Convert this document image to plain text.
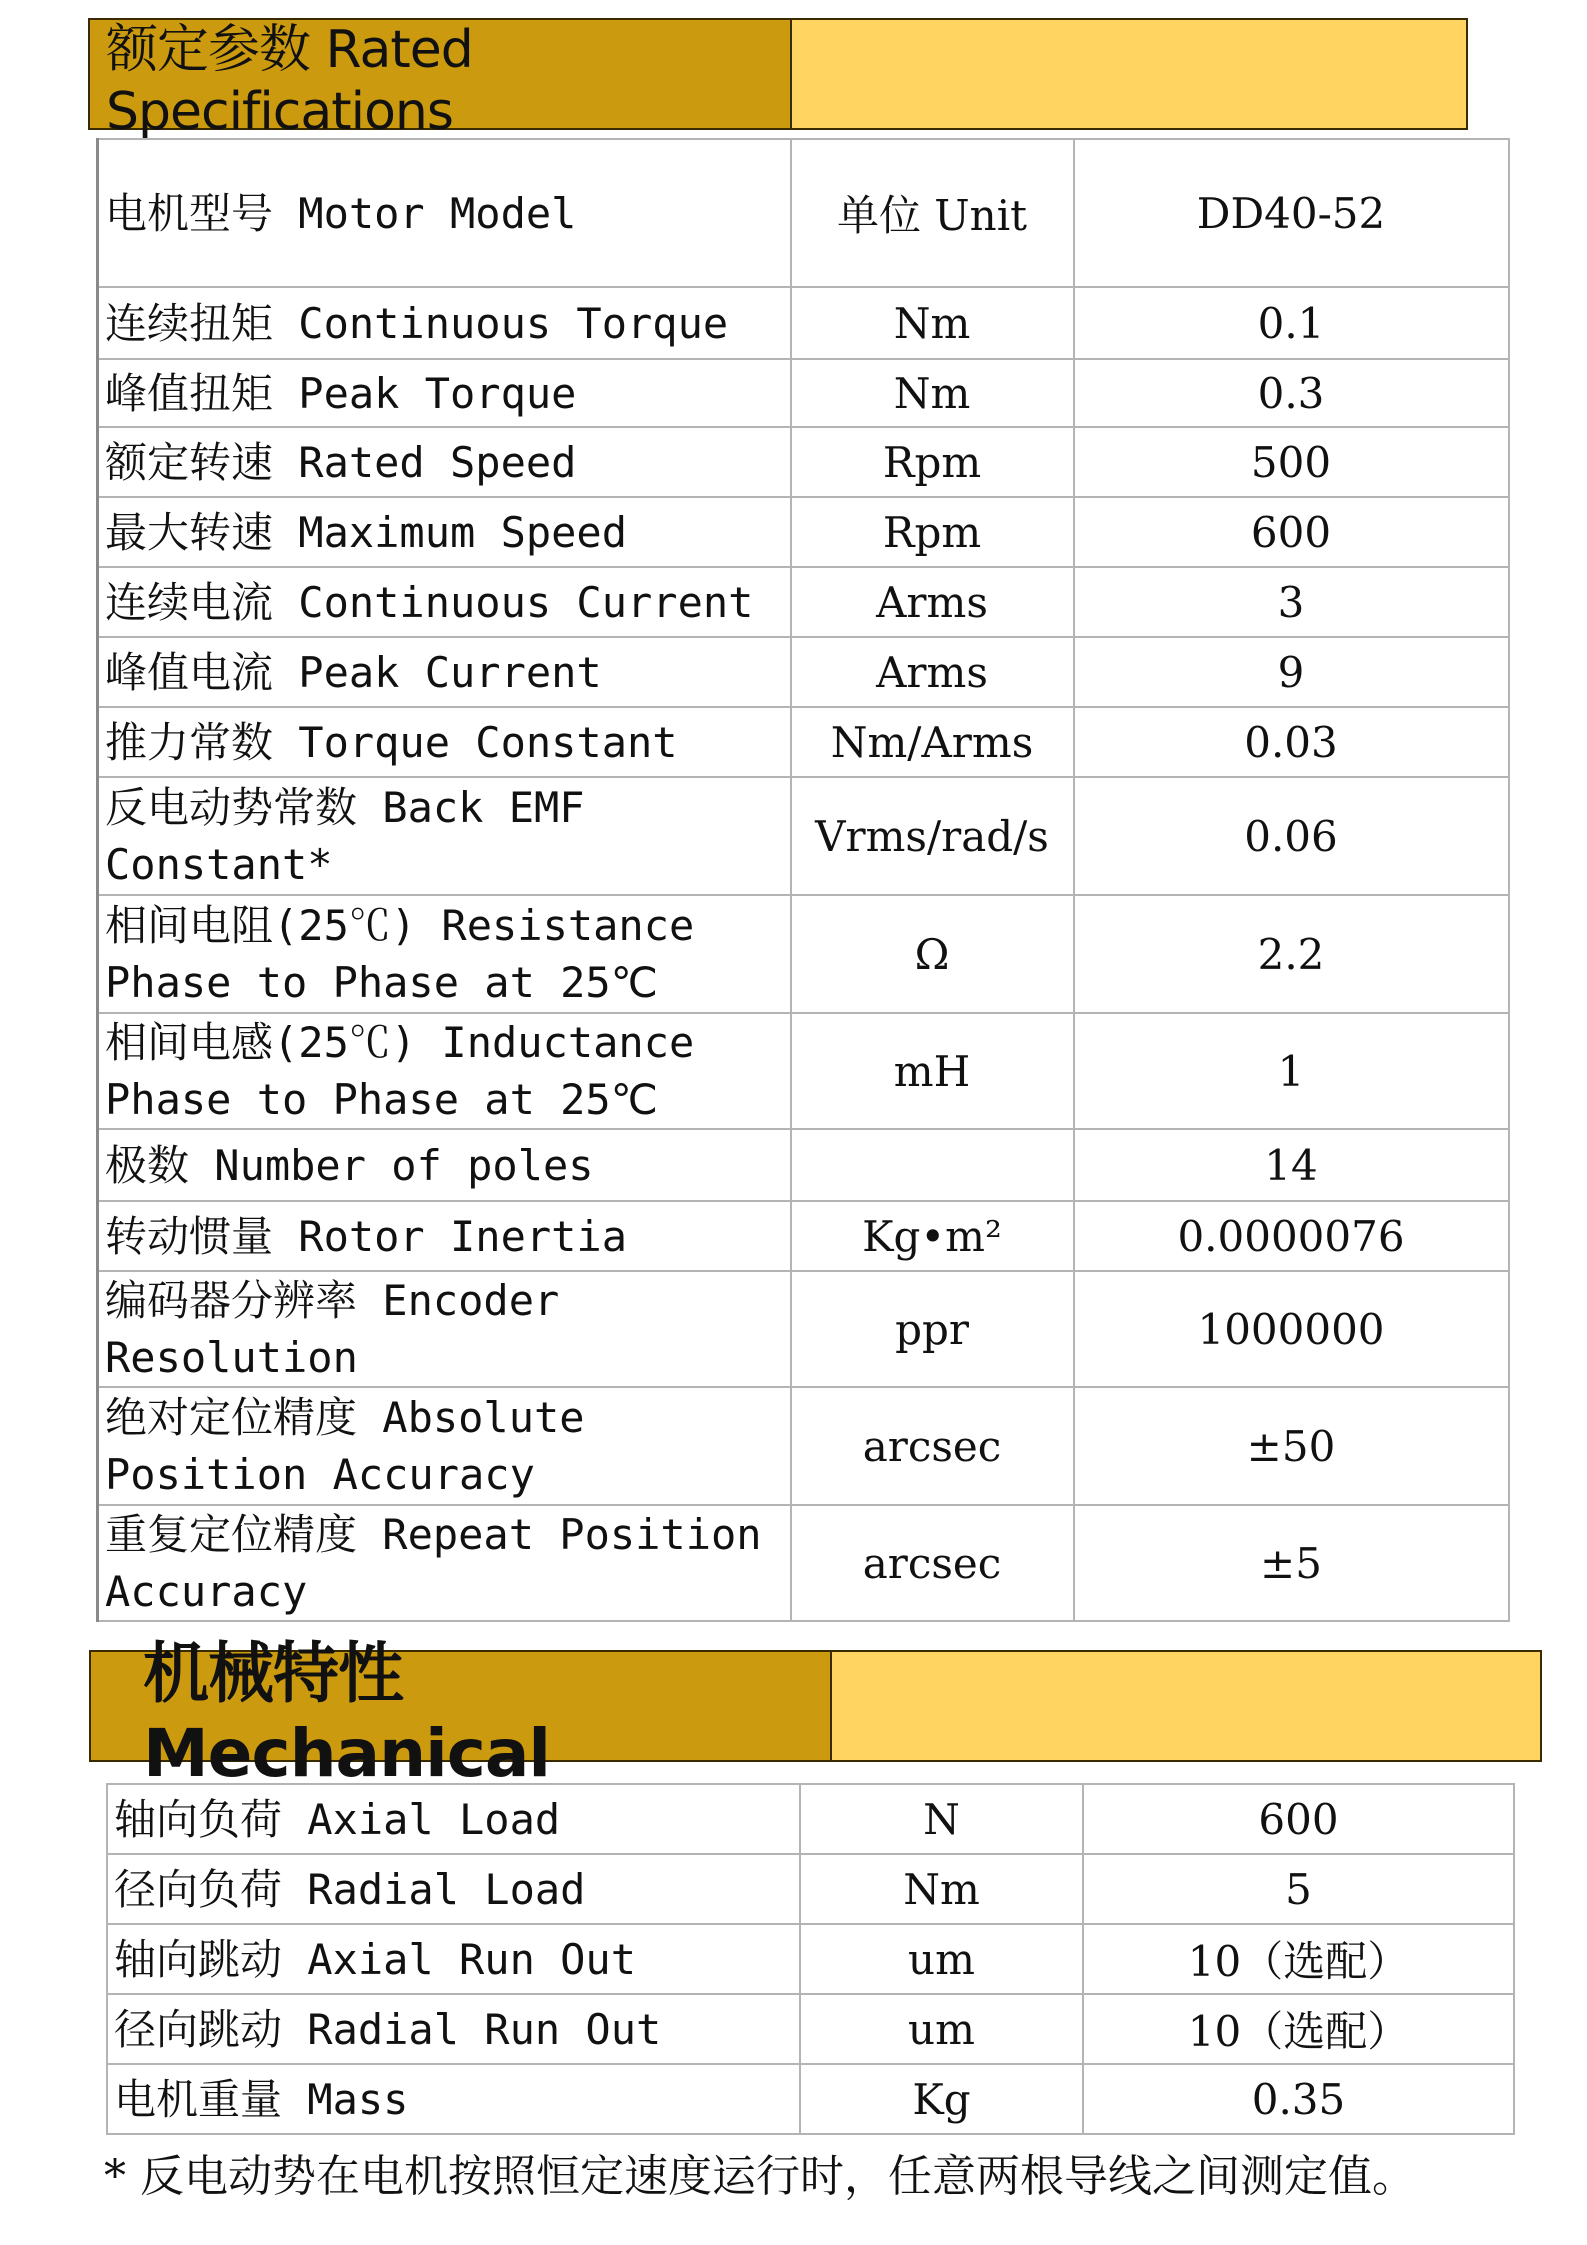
额定参数 Rated Specifications
电机型号 Motor Model	单位 Unit	DD40-52
连续扭矩 Continuous Torque	Nm	0.1
峰值扭矩 Peak Torque	Nm	0.3
额定转速 Rated Speed	Rpm	500
最大转速 Maximum Speed	Rpm	600
连续电流 Continuous Current	Arms	3
峰值电流 Peak Current	Arms	9
推力常数 Torque Constant	Nm/Arms	0.03
反电动势常数 Back EMF Constant*	Vrms/rad/s	0.06
相间电阻(25℃) Resistance Phase to Phase at 25℃	Ω	2.2
相间电感(25℃) Inductance Phase to Phase at 25℃	mH	1
极数 Number of poles		14
转动惯量 Rotor Inertia	Kg•m²	0.0000076
编码器分辨率 Encoder Resolution	ppr	1000000
绝对定位精度 Absolute Position Accuracy	arcsec	±50
重复定位精度 Repeat Position Accuracy	arcsec	±5
机械特性 Mechanical
轴向负荷 Axial Load	N	600
径向负荷 Radial Load	Nm	5
轴向跳动 Axial Run Out	um	10（选配）
径向跳动 Radial Run Out	um	10（选配）
电机重量 Mass	Kg	0.35
* 反电动势在电机按照恒定速度运行时，任意两根导线之间测定值。
